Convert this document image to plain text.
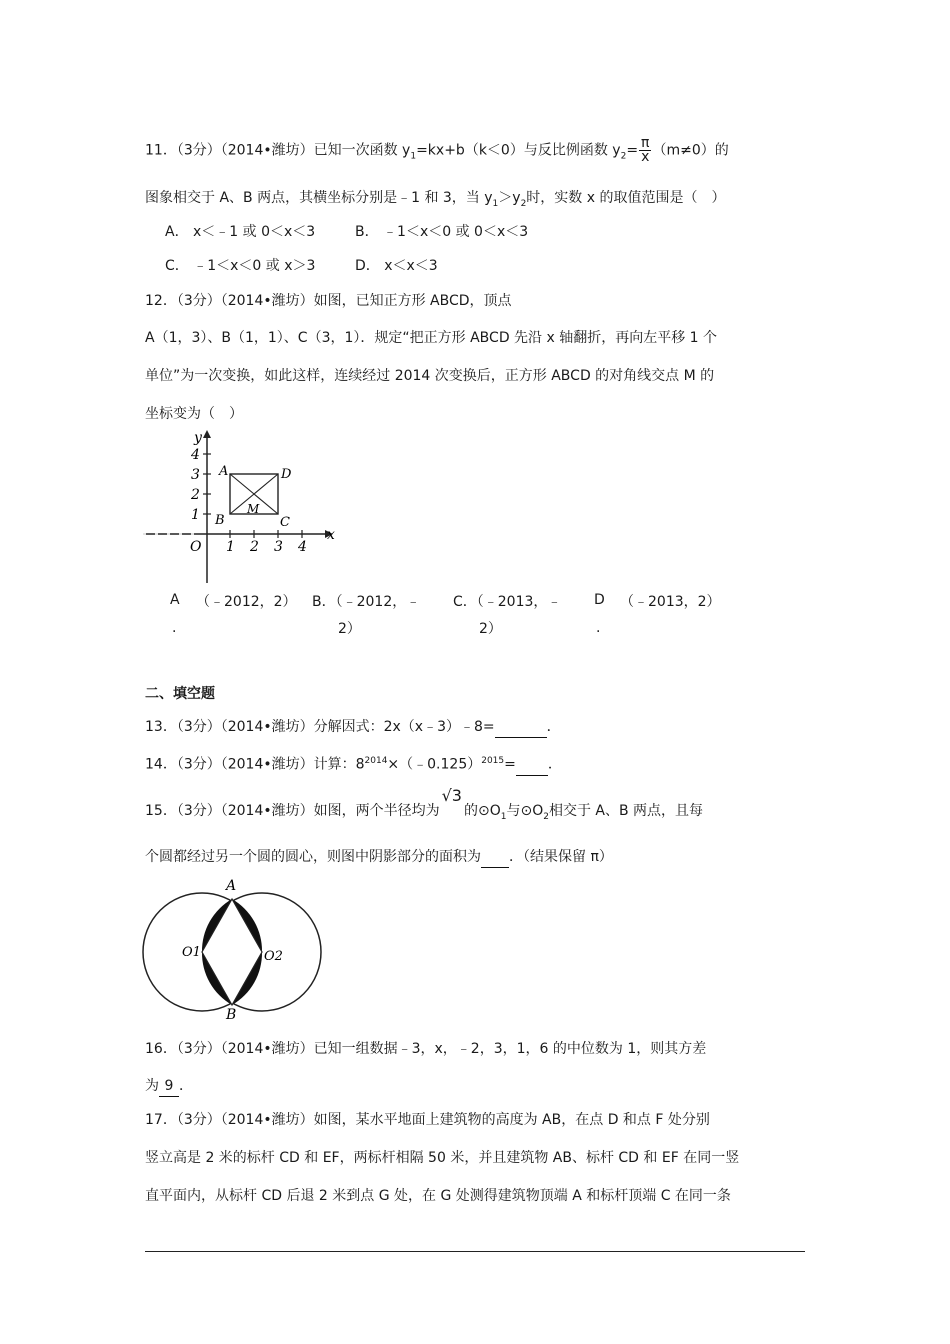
11．（3分）（2014•潍坊）已知一次函数 $y_1=kx+b(k<0)$与反比例函数 $y_2= \frac{\pi}{x} (m\ne 0)$的
图象相交于 A、B 两点，其横坐标分别是﹣1 和 3，当 $y_1>y_2$时，实数 x 的取值范围是（　）
A． x＜﹣1 或 0＜x＜3	B． ﹣1＜x＜0 或 0＜x＜3
C． ﹣1＜x＜0 或 x＞3	D． x＜x＜3
12．（3分）（2014•潍坊）如图，已知正方形 ABCD，顶点
A（1，3）、B（1，1）、C（3，1）．规定“把正方形 ABCD 先沿 x 轴翻折，再向左平移 1 个
单位”为一次变换，如此这样，连续经过 2014 次变换后，正方形 ABCD 的对角线交点 M 的
坐标变为（　）
4
3
2
1
1 2 3 4
O
x
y
A
B	C
D
M
A
.
（﹣2012，2） B．（﹣2012，﹣
2）
C．（﹣2013，﹣
2）
D
.
（﹣2013，2）
二、填空题
13．（3分）（2014•潍坊）分解因式：2x（x﹣3）﹣8=	．
14．（3分）（2014•潍坊）计算：$8^{2014}\times(﹣0.125)^{2015}=$ ．
15．（3分）（2014•潍坊）如图，两个半径均为√3的$⊙O_1$与$⊙O_2$相交于 A、B 两点，且每
个圆都经过另一个圆的圆心，则图中阴影部分的面积为 ．（结果保留 π）
A
B
O1	O2
16．（3分）（2014•潍坊）已知一组数据﹣3，x，﹣2，3，1，6 的中位数为 1，则其方差
为 9 ．
17．（3分）（2014•潍坊）如图，某水平地面上建筑物的高度为 AB，在点 D 和点 F 处分别
竖立高是 2 米的标杆 CD 和 EF，两标杆相隔 50 米，并且建筑物 AB、标杆 CD 和 EF 在同一竖
直平面内，从标杆 CD 后退 2 米到点 G 处，在 G 处测得建筑物顶端 A 和标杆顶端 C 在同一条
